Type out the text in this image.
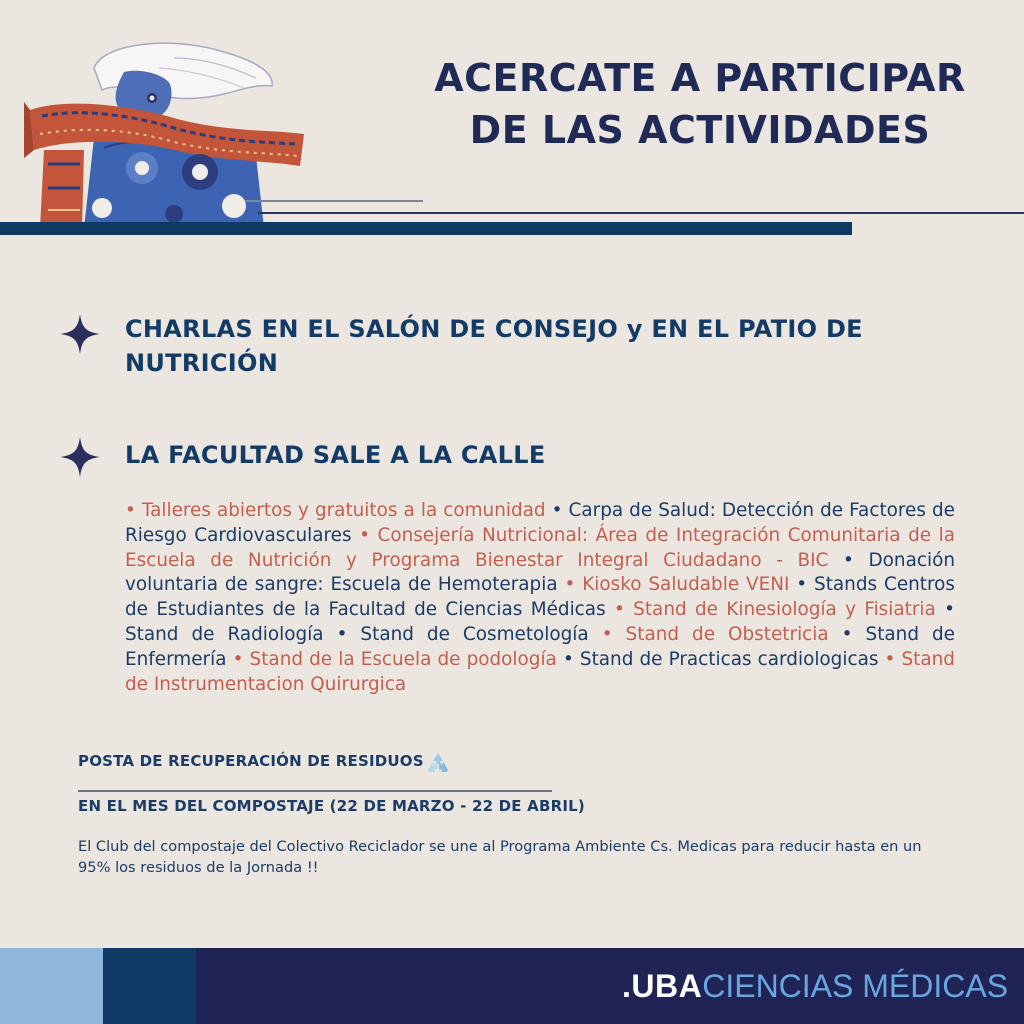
ACERCATE A PARTICIPAR
DE LAS ACTIVIDADES
CHARLAS EN EL SALÓN DE CONSEJO y EN EL PATIO DE NUTRICIÓN
LA FACULTAD SALE A LA CALLE

• Talleres abiertos y gratuitos a la comunidad • Carpa de Salud: Detección de Factores de Riesgo Cardiovasculares • Consejería Nutricional: Área de Integración Comunitaria de la Escuela de Nutrición y Programa Bienestar Integral Ciudadano - BIC • Donación voluntaria de sangre: Escuela de Hemoterapia • Kiosko Saludable VENI • Stands Centros de Estudiantes de la Facultad de Ciencias Médicas • Stand de Kinesiología y Fisiatria • Stand de Radiología • Stand de Cosmetología • Stand de Obstetricia • Stand de Enfermería • Stand de la Escuela de podología • Stand de Practicas cardiologicas • Stand de Instrumentacion Quirurgica

POSTA DE RECUPERACIÓN DE RESIDUOS
EN EL MES DEL COMPOSTAJE (22 DE MARZO - 22 DE ABRIL)
El Club del compostaje del Colectivo Reciclador se une al Programa Ambiente Cs. Medicas para reducir hasta en un 95% los residuos de la Jornada !!
.UBACIENCIAS MÉDICAS
